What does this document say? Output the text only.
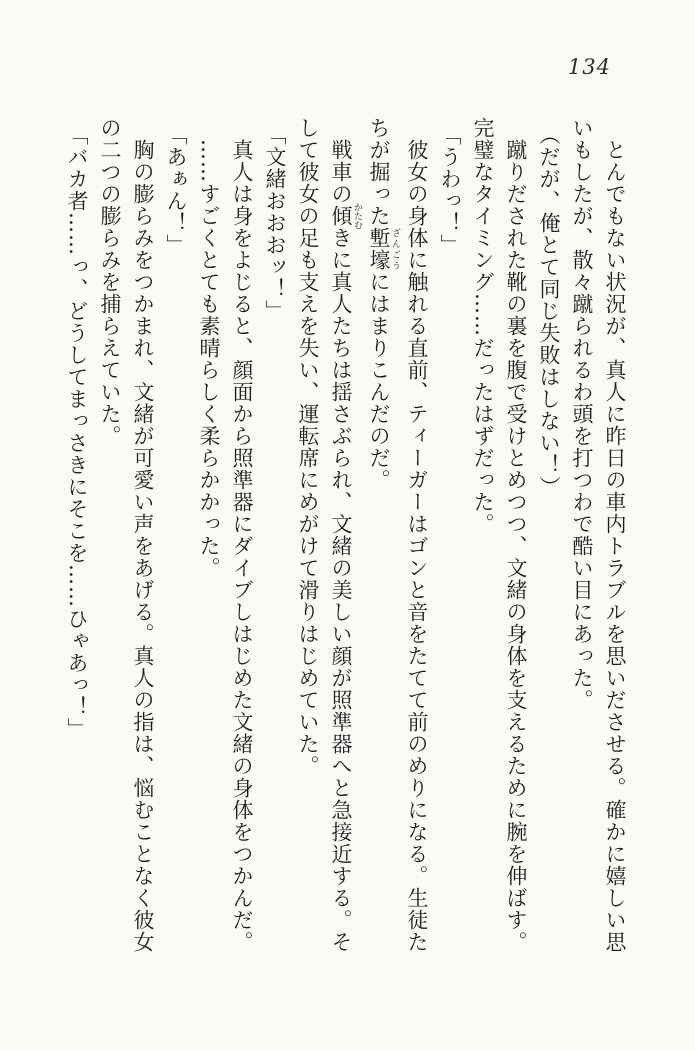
134
とんでもない状況が、真人に昨日の車内トラブルを思いださせる。確かに嬉しい思
いもしたが、散々蹴られるわ頭を打つわで酷い目にあった。
（だが、俺とて同じ失敗はしない！）
蹴りだされた靴の裏を腹で受けとめつつ、文緒の身体を支えるために腕を伸ばす。
完璧なタイミング……だったはずだった。
「うわっ！」
彼女の身体に触れる直前、ティーガーはゴンと音をたてて前のめりになる。生徒た
ちが掘った塹壕 ざんごうにはまりこんだのだ。
戦車の傾 かたむきに真人たちは揺さぶられ、文緒の美しい顔が照準器へと急接近する。そ
して彼女の足も支えを失い、運転席にめがけて滑りはじめていた。
「文緒おおおッ！」
真人は身をよじると、顔面から照準器にダイブしはじめた文緒の身体をつかんだ。
……すごくとても素晴らしく柔らかかった。
「あぁん！」
胸の膨らみをつかまれ、文緒が可愛い声をあげる。真人の指は、悩むことなく彼女
の二つの膨らみを捕らえていた。
「バカ者……っ、どうしてまっさきにそこを……ひゃあっ！」
